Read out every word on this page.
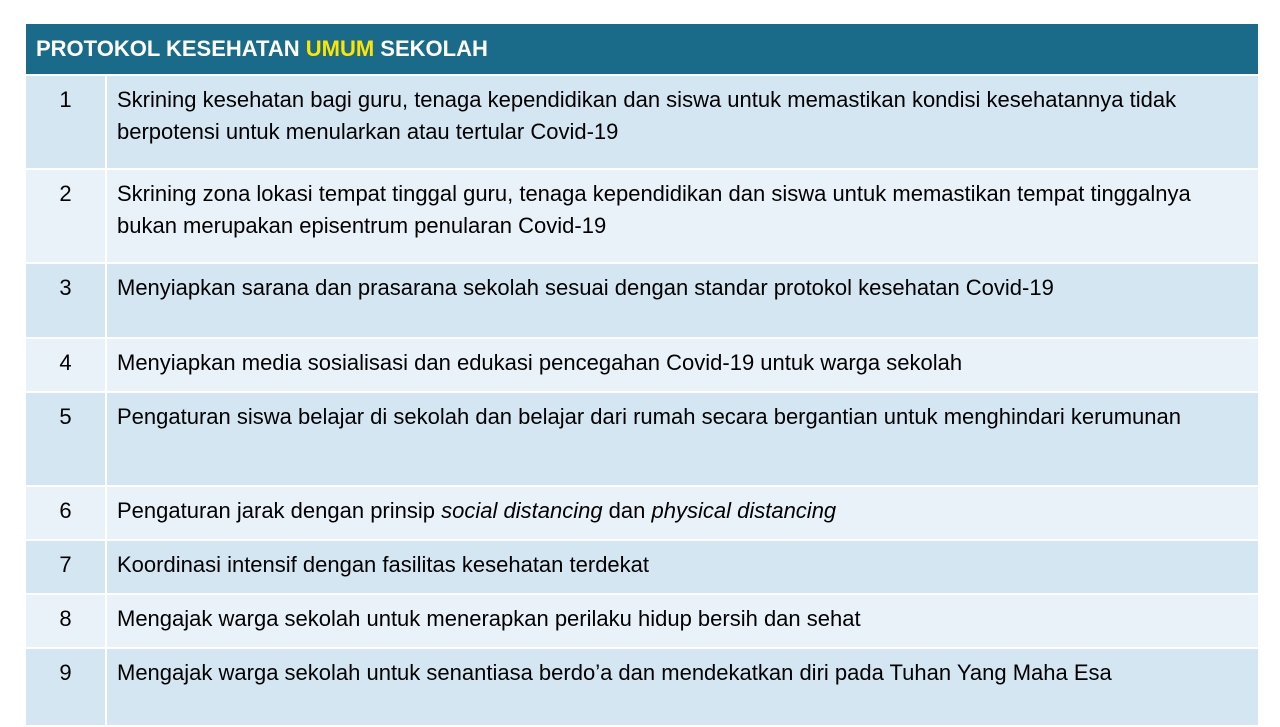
PROTOKOL KESEHATAN UMUM SEKOLAH	
1	Skrining kesehatan bagi guru, tenaga kependidikan dan siswa untuk memastikan kondisi kesehatannya tidak berpotensi untuk menularkan atau tertular Covid-19
2	Skrining zona lokasi tempat tinggal guru, tenaga kependidikan dan siswa untuk memastikan tempat tinggalnya bukan merupakan episentrum penularan Covid-19
3	Menyiapkan sarana dan prasarana sekolah sesuai dengan standar protokol kesehatan Covid-19
4	Menyiapkan media sosialisasi dan edukasi pencegahan Covid-19 untuk warga sekolah
5	Pengaturan siswa belajar di sekolah dan belajar dari rumah secara bergantian untuk menghindari kerumunan
6	Pengaturan jarak dengan prinsip social distancing dan physical distancing
7	Koordinasi intensif dengan fasilitas kesehatan terdekat
8	Mengajak warga sekolah untuk menerapkan perilaku hidup bersih dan sehat
9	Mengajak warga sekolah untuk senantiasa berdo’a dan mendekatkan diri pada Tuhan Yang Maha Esa
